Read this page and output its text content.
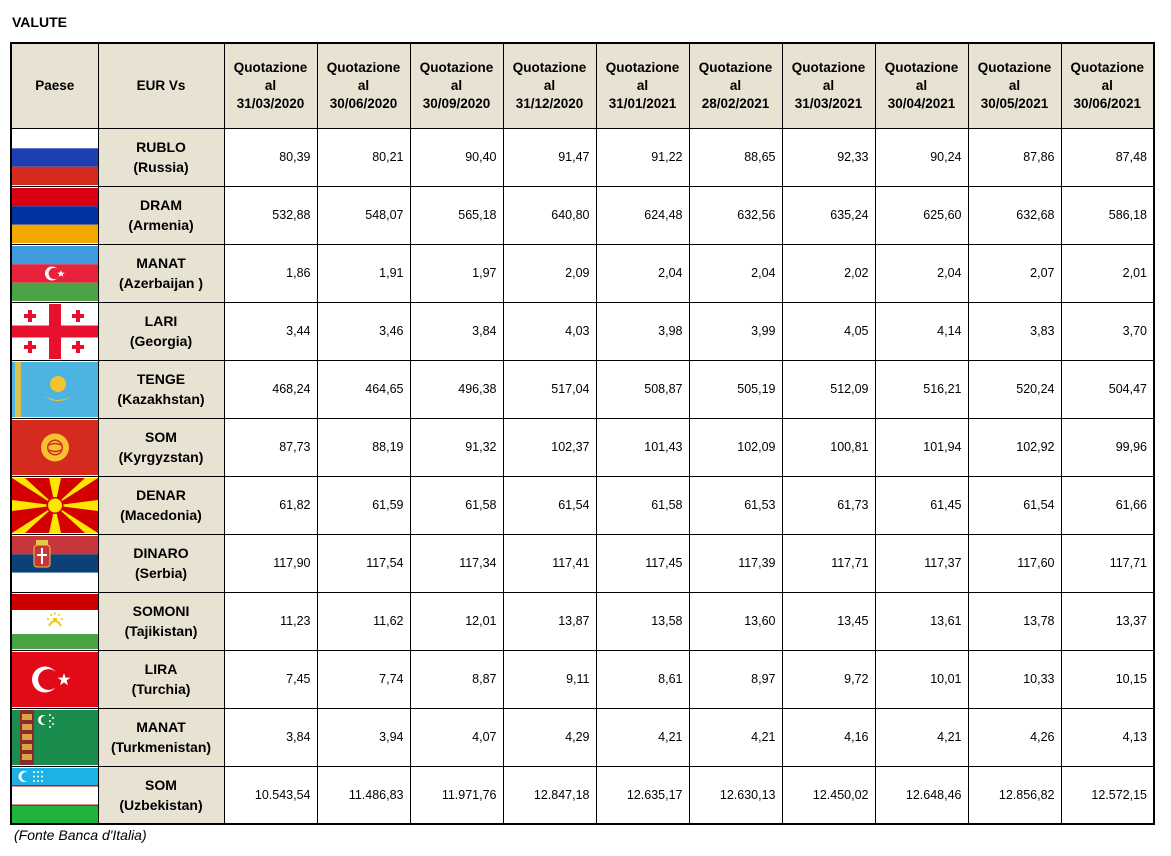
VALUTE
Paese	EUR Vs	Quotazione
al
31/03/2020	Quotazione
al
30/06/2020	Quotazione
al
30/09/2020	Quotazione
al
31/12/2020	Quotazione
al
31/01/2021	Quotazione
al
28/02/2021	Quotazione
al
31/03/2021	Quotazione
al
30/04/2021	Quotazione
al
30/05/2021	Quotazione
al
30/06/2021

RUBLO
(Russia)	80,39	80,21	90,40	91,47	91,22	88,65	92,33	90,24	87,86	87,48

DRAM
(Armenia)	532,88	548,07	565,18	640,80	624,48	632,56	635,24	625,60	632,68	586,18

MANAT
(Azerbaijan )	1,86	1,91	1,97	2,09	2,04	2,04	2,02	2,04	2,07	2,01

LARI
(Georgia)	3,44	3,46	3,84	4,03	3,98	3,99	4,05	4,14	3,83	3,70

TENGE
(Kazakhstan)	468,24	464,65	496,38	517,04	508,87	505,19	512,09	516,21	520,24	504,47

SOM
(Kyrgyzstan)	87,73	88,19	91,32	102,37	101,43	102,09	100,81	101,94	102,92	99,96

DENAR
(Macedonia)	61,82	61,59	61,58	61,54	61,58	61,53	61,73	61,45	61,54	61,66

DINARO
(Serbia)	117,90	117,54	117,34	117,41	117,45	117,39	117,71	117,37	117,60	117,71

SOMONI
(Tajikistan)	11,23	11,62	12,01	13,87	13,58	13,60	13,45	13,61	13,78	13,37

LIRA
(Turchia)	7,45	7,74	8,87	9,11	8,61	8,97	9,72	10,01	10,33	10,15

MANAT
(Turkmenistan)	3,84	3,94	4,07	4,29	4,21	4,21	4,16	4,21	4,26	4,13

SOM
(Uzbekistan)	10.543,54	11.486,83	11.971,76	12.847,18	12.635,17	12.630,13	12.450,02	12.648,46	12.856,82	12.572,15
(Fonte Banca d'Italia)
